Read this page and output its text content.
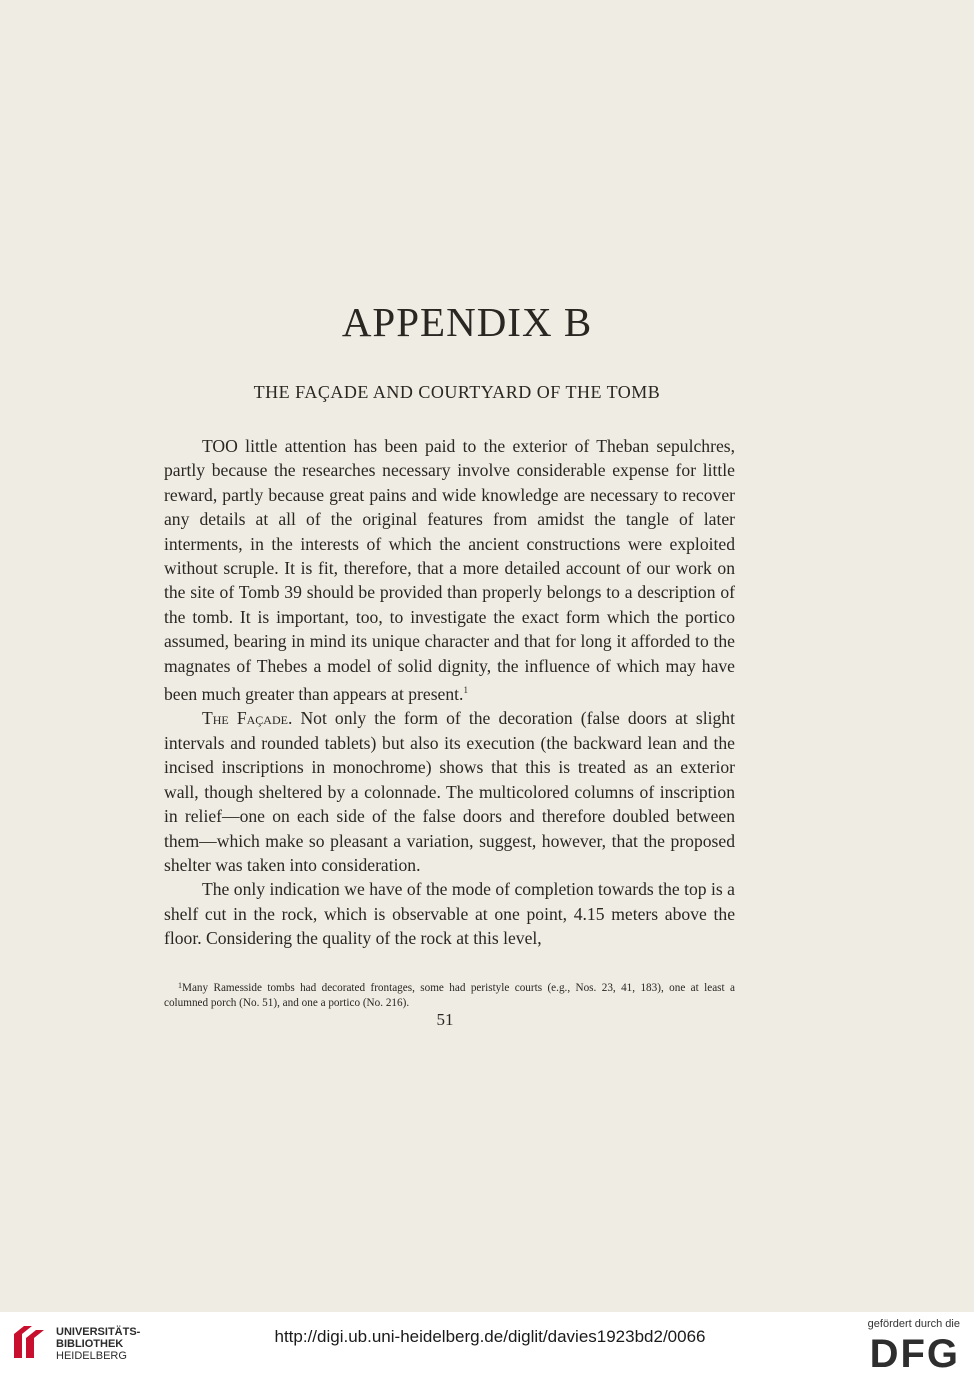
APPENDIX B
THE FAÇADE AND COURTYARD OF THE TOMB

TOO little attention has been paid to the exterior of Theban sepulchres, partly because the researches necessary involve considerable expense for little reward, partly because great pains and wide knowledge are necessary to recover any details at all of the original features from amidst the tangle of later interments, in the interests of which the ancient constructions were exploited without scruple. It is fit, therefore, that a more detailed account of our work on the site of Tomb 39 should be provided than properly belongs to a description of the tomb. It is important, too, to investigate the exact form which the portico assumed, bearing in mind its unique character and that for long it afforded to the magnates of Thebes a model of solid dignity, the influence of which may have been much greater than appears at present.$^1$

The Façade. Not only the form of the decoration (false doors at slight intervals and rounded tablets) but also its execution (the backward lean and the incised inscriptions in monochrome) shows that this is treated as an exterior wall, though sheltered by a colonnade. The multicolored columns of inscription in relief—one on each side of the false doors and therefore doubled between them—which make so pleasant a variation, suggest, however, that the proposed shelter was taken into consideration.

The only indication we have of the mode of completion towards the top is a shelf cut in the rock, which is observable at one point, 4.15 meters above the floor. Considering the quality of the rock at this level,

$^1$Many Ramesside tombs had decorated frontages, some had peristyle courts (e.g., Nos. 23, 41, 183), one at least a columned porch (No. 51), and one a portico (No. 216).

51
UNIVERSITÄTS-
BIBLIOTHEK
HEIDELBERG
http://digi.ub.uni-heidelberg.de/diglit/davies1923bd2/0066
gefördert durch die
DFG
